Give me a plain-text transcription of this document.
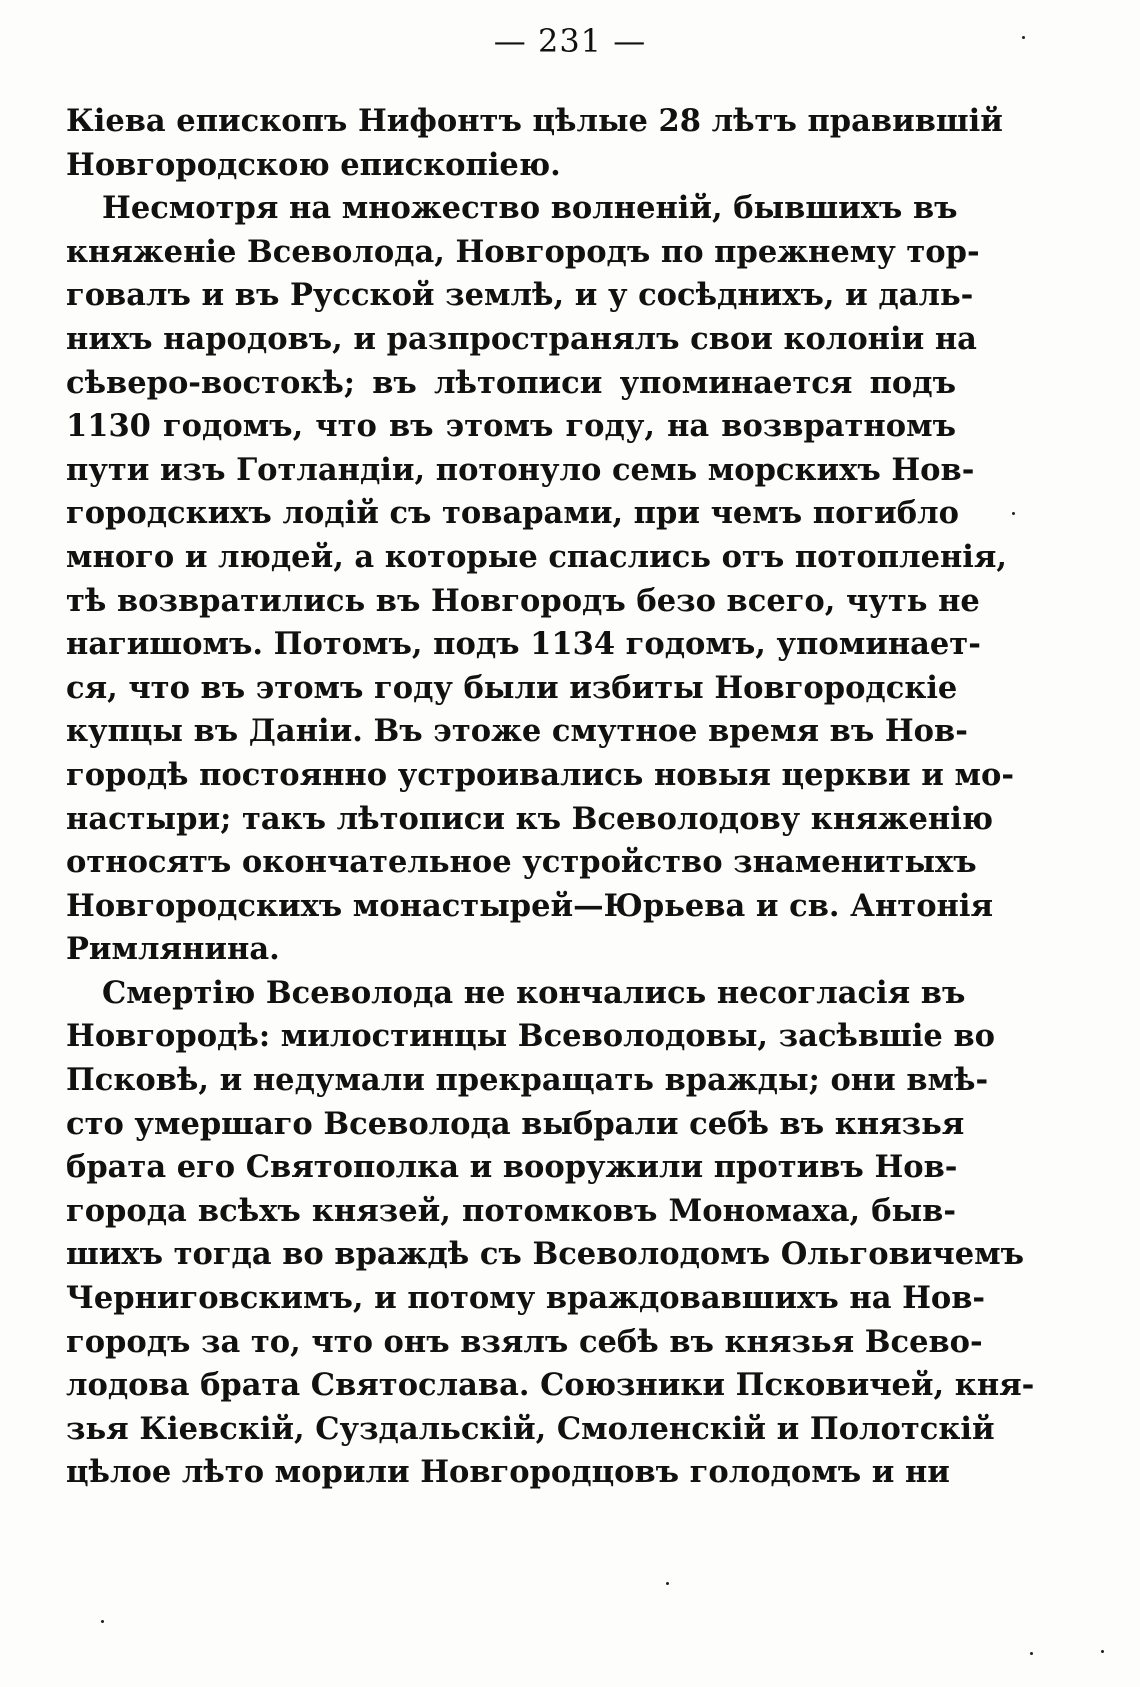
— 231 —

Кіева епископъ Нифонтъ цѣлые 28 лѣтъ правившій
Новгородскою епископіею.

Несмотря на множество волненій, бывшихъ въ
княженіе Всеволода, Новгородъ по прежнему тор-
говалъ и въ Русской землѣ, и у сосѣднихъ, и даль-
нихъ народовъ, и разпространялъ свои колоніи на
сѣверо-востокѣ; въ лѣтописи упоминается подъ
1130 годомъ, что въ этомъ году, на возвратномъ
пути изъ Готландіи, потонуло семь морскихъ Нов-
городскихъ лодій съ товарами, при чемъ погибло
много и людей, а которые спаслись отъ потопленія,
тѣ возвратились въ Новгородъ безо всего, чуть не
нагишомъ. Потомъ, подъ 1134 годомъ, упоминает-
ся, что въ этомъ году были избиты Новгородскіе
купцы въ Даніи. Въ этоже смутное время въ Нов-
городѣ постоянно устроивались новыя церкви и мо-
настыри; такъ лѣтописи къ Всеволодову княженію
относятъ окончательное устройство знаменитыхъ
Новгородскихъ монастырей—Юрьева и св. Антонія
Римлянина.

Смертію Всеволода не кончались несогласія въ
Новгородѣ: милостинцы Всеволодовы, засѣвшіе во
Псковѣ, и недумали прекращать вражды; они вмѣ-
сто умершаго Всеволода выбрали себѣ въ князья
брата его Святополка и вооружили противъ Нов-
города всѣхъ князей, потомковъ Мономаха, быв-
шихъ тогда во враждѣ съ Всеволодомъ Ольговичемъ
Черниговскимъ, и потому враждовавшихъ на Нов-
городъ за то, что онъ взялъ себѣ въ князья Всево-
лодова брата Святослава. Союзники Псковичей, кня-
зья Кіевскій, Суздальскій, Смоленскій и Полотскій
цѣлое лѣто морили Новгородцовъ голодомъ и ни
